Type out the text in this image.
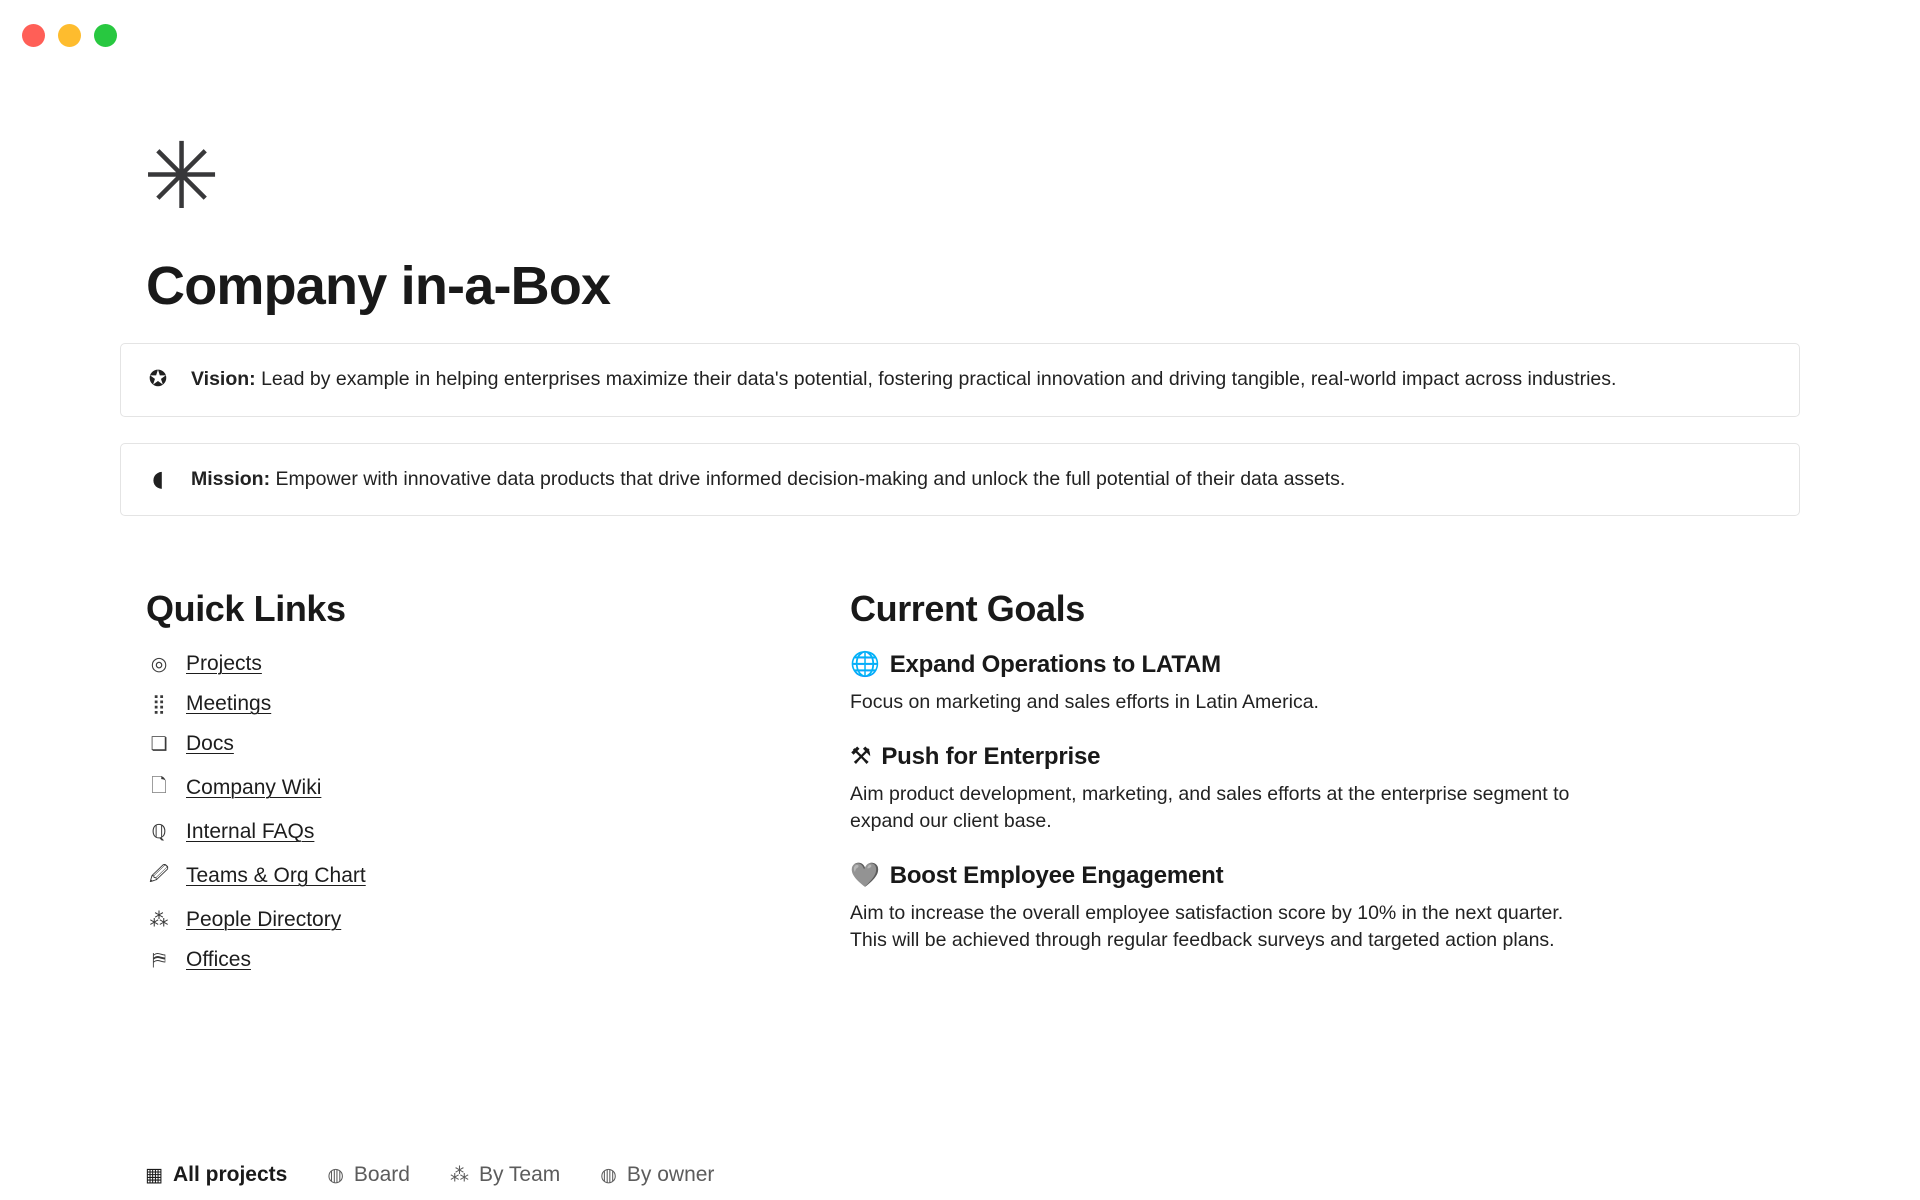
✳
Company in-a-Box
✪ Vision: Lead by example in helping enterprises maximize their data's potential, fostering practical innovation and driving tangible, real-world impact across industries.
◖	Mission: Empower with innovative data products that drive informed decision-making and unlock the full potential of their data assets.
Quick Links
◎ Projects
⣿ Meetings
❏ Docs
🗋 Company Wiki
ℚ Internal FAQs
🖉 Teams & Org Chart
⁂ People Directory
⛿ Offices
Current Goals
🌐 Expand Operations to LATAM
Focus on marketing and sales efforts in Latin America.
⚒ Push for Enterprise
Aim product development, marketing, and sales efforts at the enterprise segment to expand our client base.
🩶 Boost Employee Engagement
Aim to increase the overall employee satisfaction score by 10% in the next quarter. This will be achieved through regular feedback surveys and targeted action plans.
▦ All projects ◍ Board ⁂ By Team ◍ By owner
